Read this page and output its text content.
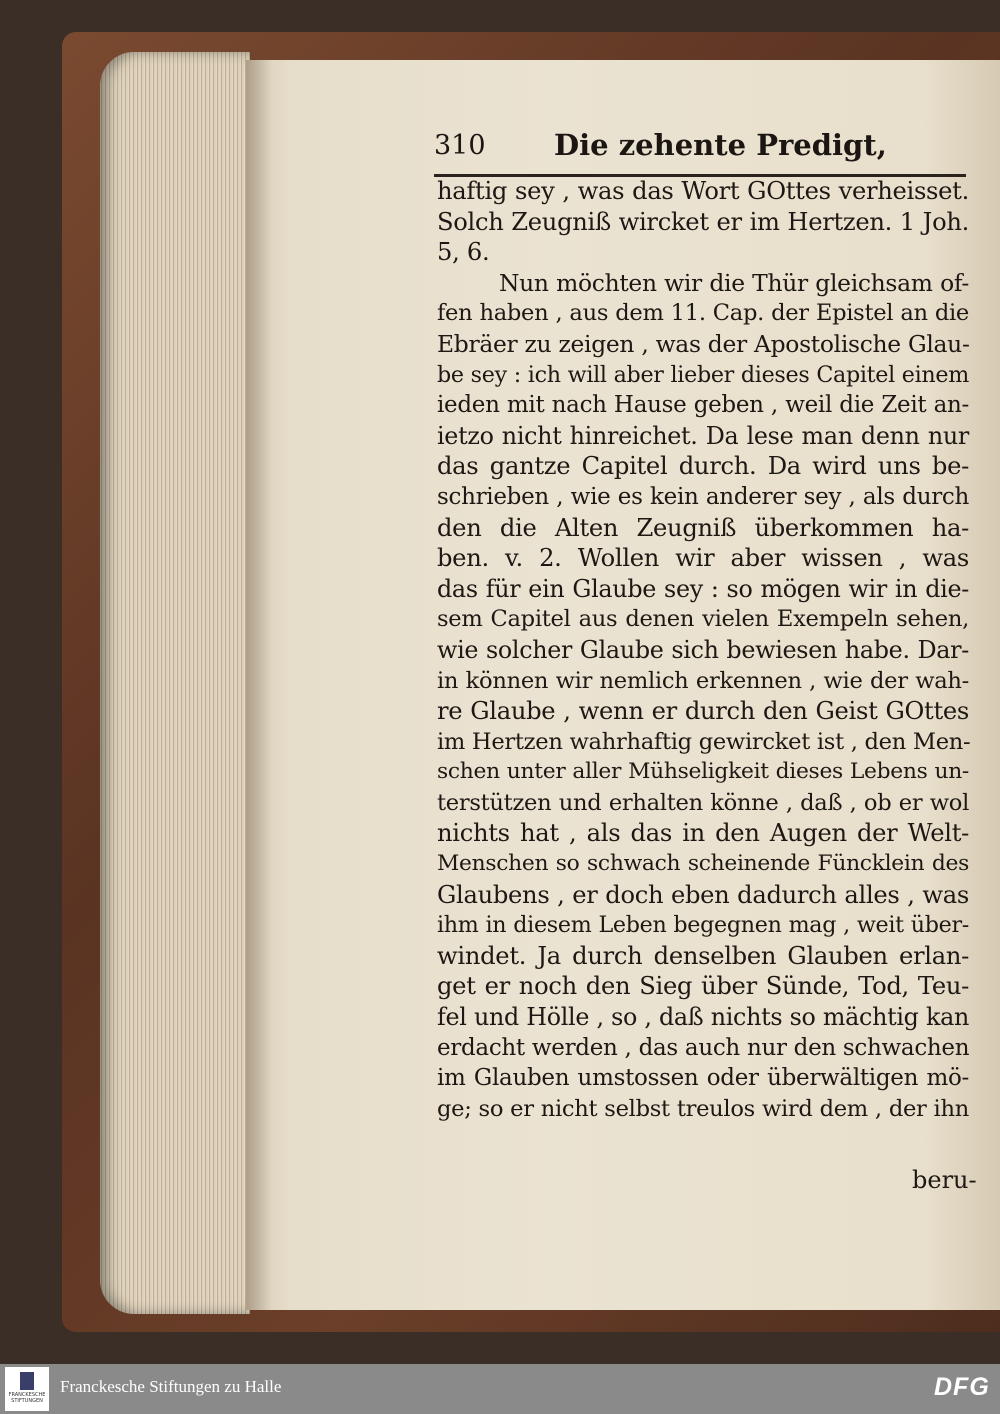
310 Die zehente Predigt,
haftig sey , was das Wort GOttes verheisset.
Solch Zeugniß wircket er im Hertzen. 1 Joh.
5, 6.
Nun möchten wir die Thür gleichsam of-
fen haben , aus dem 11. Cap. der Epistel an die
Ebräer zu zeigen , was der Apostolische Glau-
be sey : ich will aber lieber dieses Capitel einem
ieden mit nach Hause geben , weil die Zeit an-
ietzo nicht hinreichet. Da lese man denn nur
das gantze Capitel durch. Da wird uns be-
schrieben , wie es kein anderer sey , als durch
den die Alten Zeugniß überkommen ha-
ben. v. 2. Wollen wir aber wissen , was
das für ein Glaube sey : so mögen wir in die-
sem Capitel aus denen vielen Exempeln sehen,
wie solcher Glaube sich bewiesen habe. Dar-
in können wir nemlich erkennen , wie der wah-
re Glaube , wenn er durch den Geist GOttes
im Hertzen wahrhaftig gewircket ist , den Men-
schen unter aller Mühseligkeit dieses Lebens un-
terstützen und erhalten könne , daß , ob er wol
nichts hat , als das in den Augen der Welt-
Menschen so schwach scheinende Füncklein des
Glaubens , er doch eben dadurch alles , was
ihm in diesem Leben begegnen mag , weit über-
windet. Ja durch denselben Glauben erlan-
get er noch den Sieg über Sünde, Tod, Teu-
fel und Hölle , so , daß nichts so mächtig kan
erdacht werden , das auch nur den schwachen
im Glauben umstossen oder überwältigen mö-
ge; so er nicht selbst treulos wird dem , der ihn
beru-
FRANCKESCHE STIFTUNGEN
Franckesche Stiftungen zu Halle	DFG
